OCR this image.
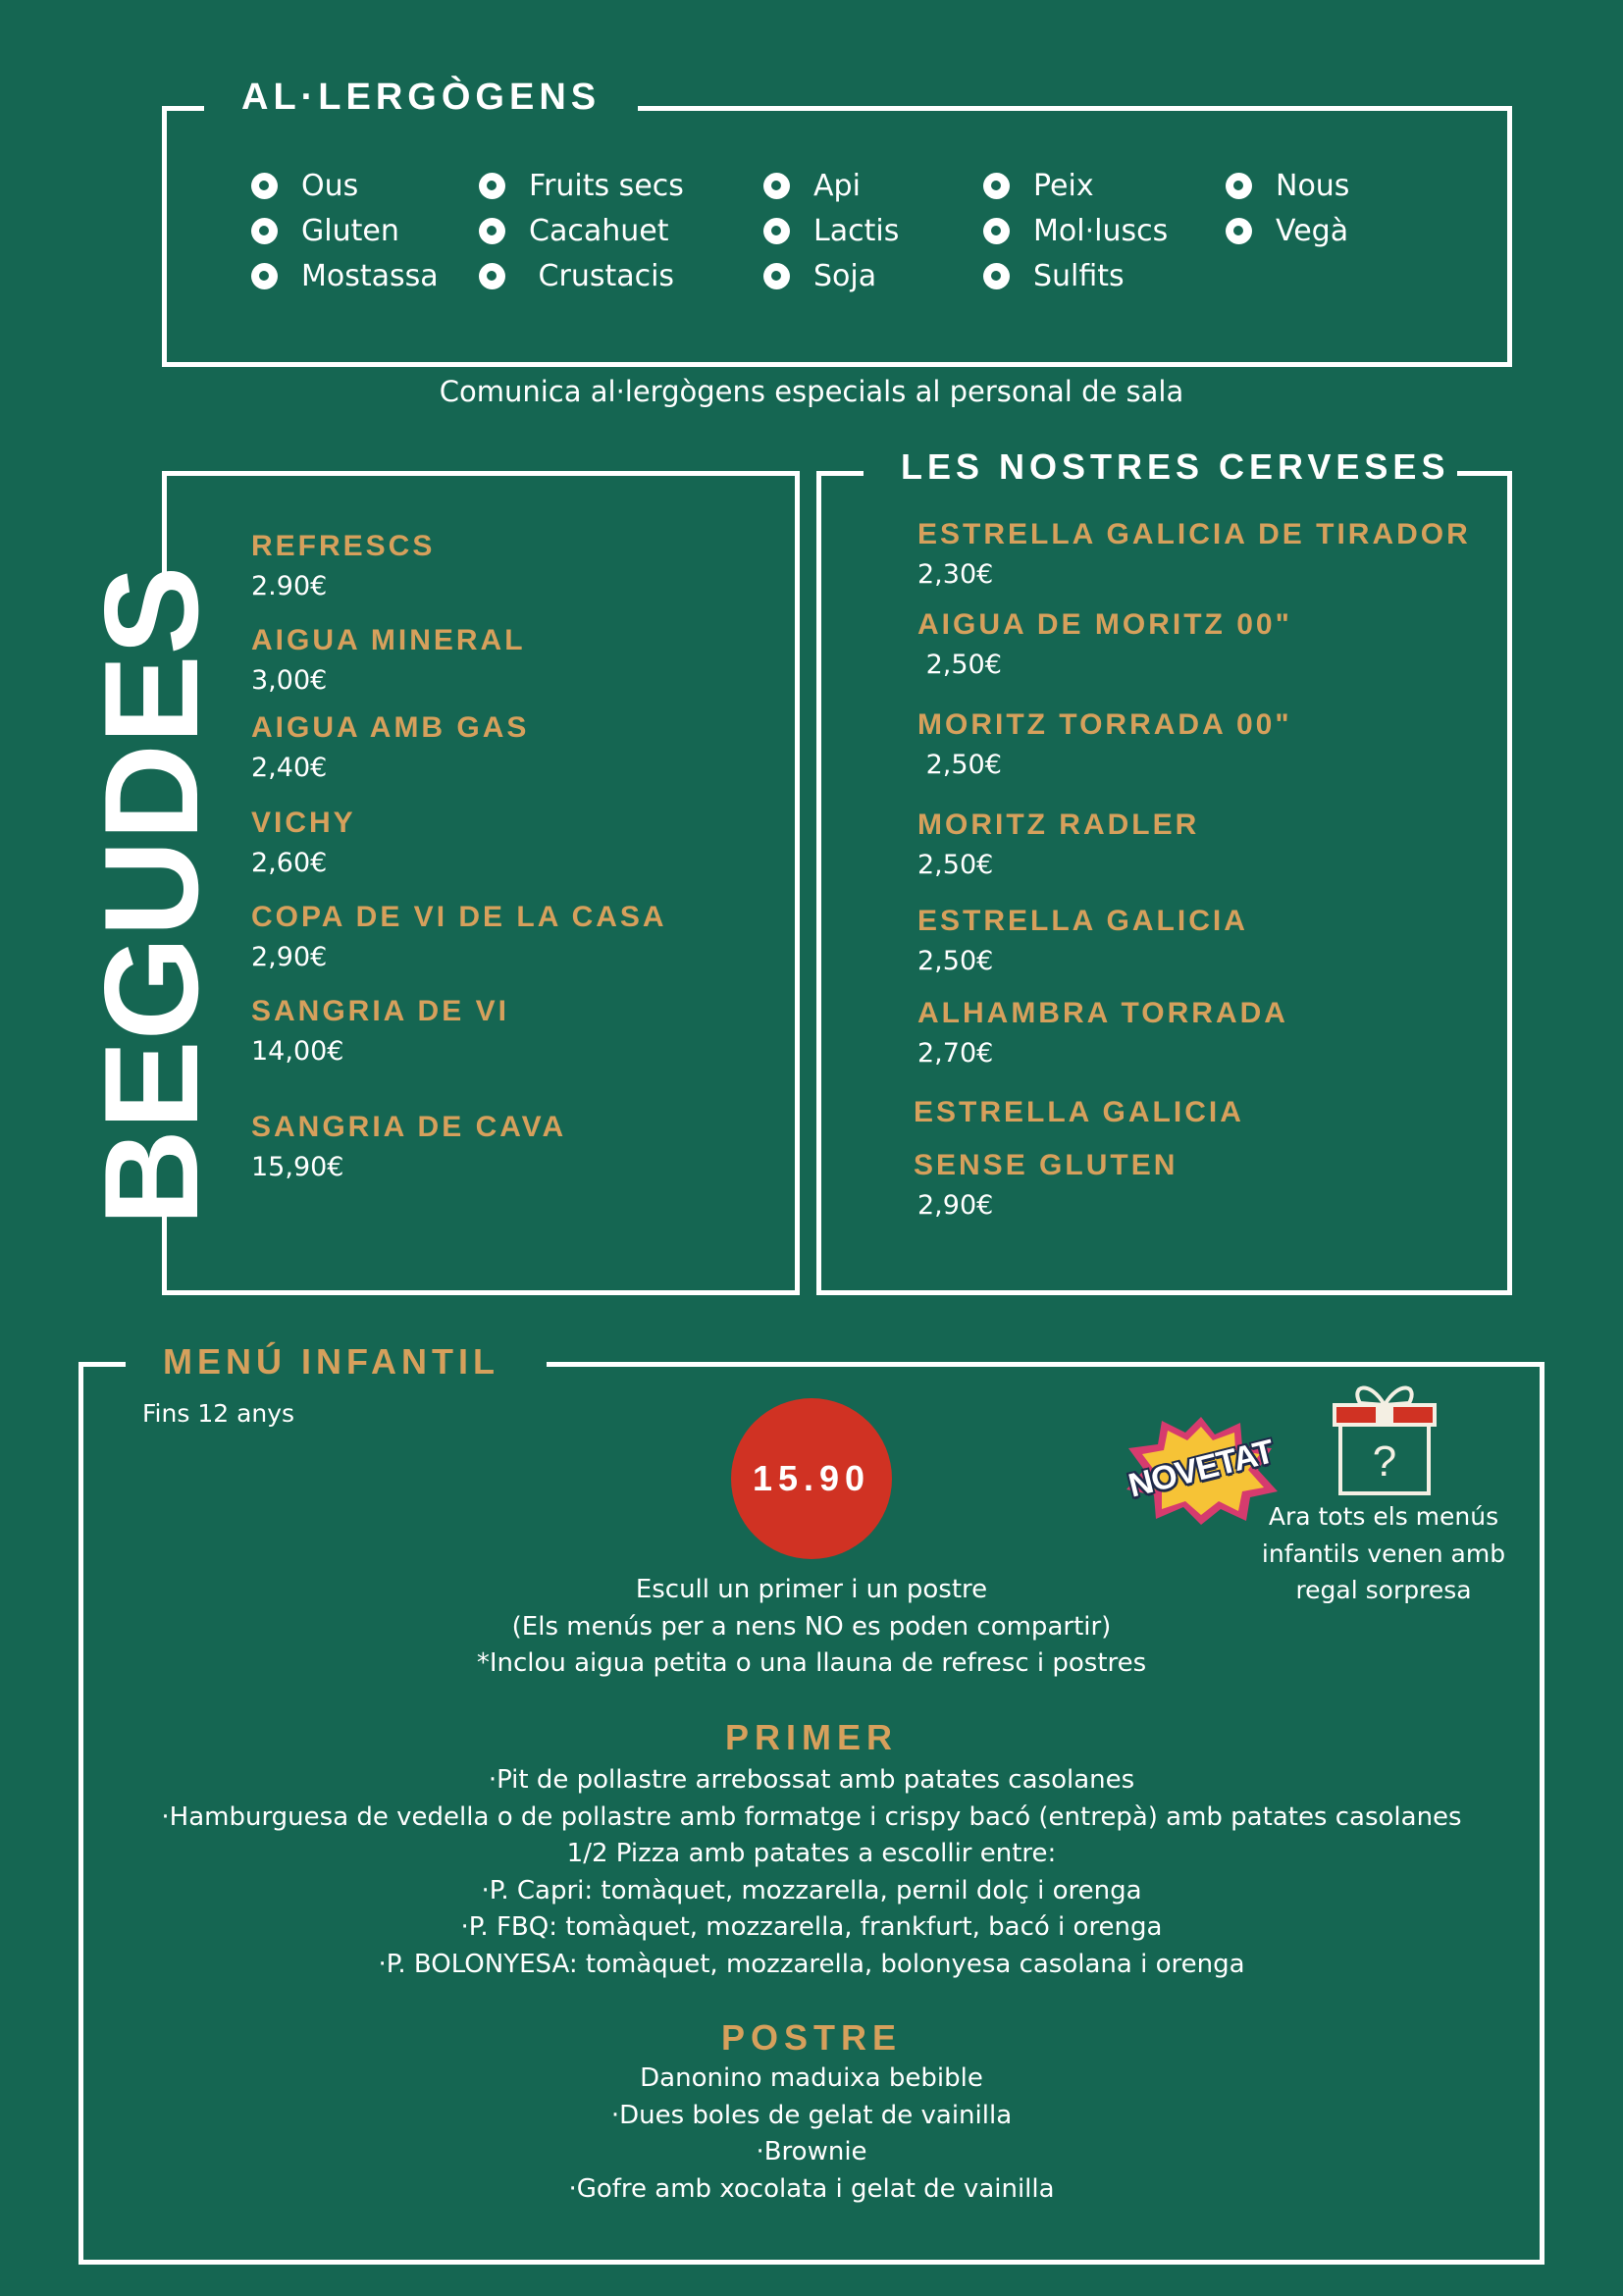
AL·LERGÒGENS
Ous
Gluten
Mostassa
Fruits secs
Cacahuet
Crustacis
Api
Lactis
Soja
Peix
Mol·luscs
Sulfits
Nous
Vegà
Comunica al·lergògens especials al personal de sala
BEGUDES
REFRESCS
2.90€
AIGUA MINERAL
3,00€
AIGUA AMB GAS
2,40€
VICHY
2,60€
COPA DE VI DE LA CASA
2,90€
SANGRIA DE VI
14,00€
SANGRIA DE CAVA
15,90€
LES NOSTRES CERVESES
ESTRELLA GALICIA DE TIRADOR
2,30€
AIGUA DE MORITZ 00"
2,50€
MORITZ TORRADA 00"
2,50€
MORITZ RADLER
2,50€
ESTRELLA GALICIA
2,50€
ALHAMBRA TORRADA
2,70€
ESTRELLA GALICIA
SENSE GLUTEN
2,90€
MENÚ INFANTIL
Fins 12 anys
15.90	NOVETAT	?
Ara tots els menús
infantils venen amb
regal sorpresa
Escull un primer i un postre
(Els menús per a nens NO es poden compartir)
*Inclou aigua petita o una llauna de refresc i postres
PRIMER
·Pit de pollastre arrebossat amb patates casolanes
·Hamburguesa de vedella o de pollastre amb formatge i crispy bacó (entrepà) amb patates casolanes
1/2 Pizza amb patates a escollir entre:
·P. Capri: tomàquet, mozzarella, pernil dolç i orenga
·P. FBQ: tomàquet, mozzarella, frankfurt, bacó i orenga
·P. BOLONYESA: tomàquet, mozzarella, bolonyesa casolana i orenga
POSTRE
Danonino maduixa bebible
·Dues boles de gelat de vainilla
·Brownie
·Gofre amb xocolata i gelat de vainilla
